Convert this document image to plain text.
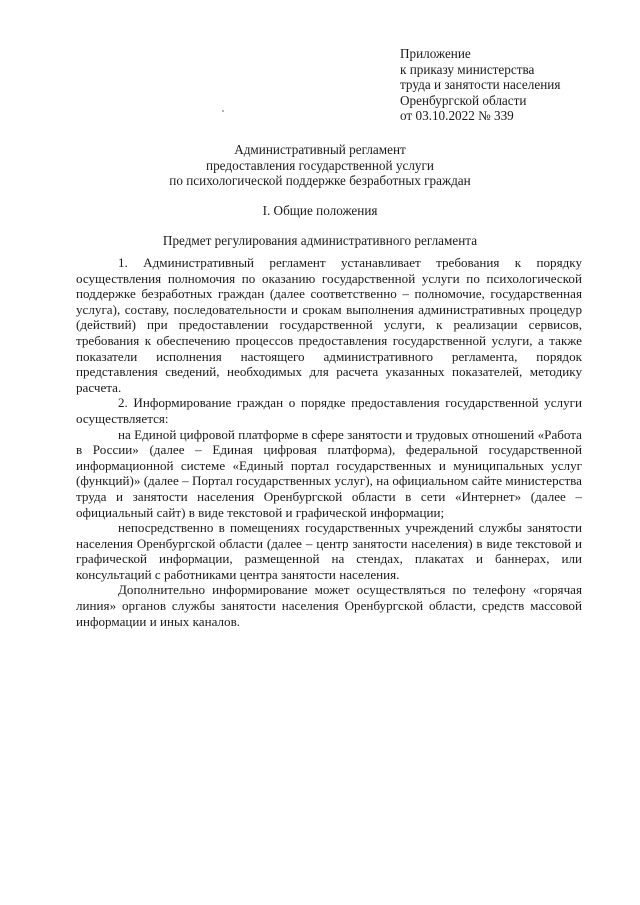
Приложение
к приказу министерства
труда и занятости населения
Оренбургской области
от 03.10.2022 № 339
Административный регламент
предоставления государственной услуги
по психологической поддержке безработных граждан
I. Общие положения
Предмет регулирования административного регламента

1. Административный регламент устанавливает требования к порядку осуществления полномочия по оказанию государственной услуги по психологической поддержке безработных граждан (далее соответственно – полномочие, государственная услуга), составу, последовательности и срокам выполнения административных процедур (действий) при предоставлении государственной услуги, к реализации сервисов, требования к обеспечению процессов предоставления государственной услуги, а также показатели исполнения настоящего административного регламента, порядок представления сведений, необходимых для расчета указанных показателей, методику расчета.

2. Информирование граждан о порядке предоставления государственной услуги осуществляется:

на Единой цифровой платформе в сфере занятости и трудовых отношений «Работа в России» (далее – Единая цифровая платформа), федеральной государственной информационной системе «Единый портал государственных и муниципальных услуг (функций)» (далее – Портал государственных услуг), на официальном сайте министерства труда и занятости населения Оренбургской области в сети «Интернет» (далее – официальный сайт) в виде текстовой и графической информации;

непосредственно в помещениях государственных учреждений службы занятости населения Оренбургской области (далее – центр занятости населения) в виде текстовой и графической информации, размещенной на стендах, плакатах и баннерах, или консультаций с работниками центра занятости населения.

Дополнительно информирование может осуществляться по телефону «горячая линия» органов службы занятости населения Оренбургской области, средств массовой информации и иных каналов.
